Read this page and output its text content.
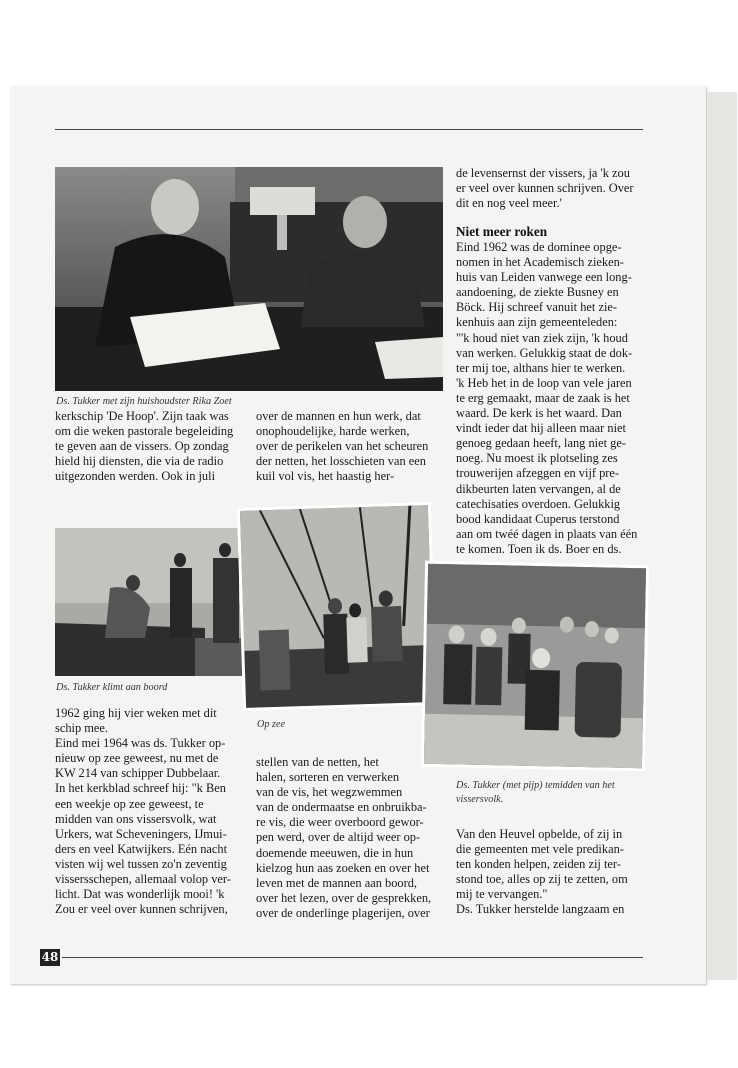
Ds. Tukker met zijn huishoudster Rika Zoet
de levensernst der vissers, ja 'k zou
er veel over kunnen schrijven. Over
dit en nog veel meer.'
Niet meer roken
Eind 1962 was de dominee opge-
nomen in het Academisch zieken-
huis van Leiden vanwege een long-
aandoening, de ziekte Busney en
Böck. Hij schreef vanuit het zie-
kenhuis aan zijn gemeenteleden:
"'k houd niet van ziek zijn, 'k houd
van werken. Gelukkig staat de dok-
ter mij toe, althans hier te werken.
'k Heb het in de loop van vele jaren
te erg gemaakt, maar de zaak is het
waard. De kerk is het waard. Dan
vindt ieder dat hij alleen maar niet
genoeg gedaan heeft, lang niet ge-
noeg. Nu moest ik plotseling zes
trouwerijen afzeggen en vijf pre-
dikbeurten laten vervangen, al de
catechisaties overdoen. Gelukkig
bood kandidaat Cuperus terstond
aan om twéé dagen in plaats van één
te komen. Toen ik ds. Boer en ds.
kerkschip 'De Hoop'. Zijn taak was
om die weken pastorale begeleiding
te geven aan de vissers. Op zondag
hield hij diensten, die via de radio
uitgezonden werden. Ook in juli
over de mannen en hun werk, dat
onophoudelijke, harde werken,
over de perikelen van het scheuren
der netten, het losschieten van een
kuil vol vis, het haastig her-
Ds. Tukker klimt aan boord
Op zee
Ds. Tukker (met pijp) temidden van het
vissersvolk.
1962 ging hij vier weken met dit
schip mee.
Eind mei 1964 was ds. Tukker op-
nieuw op zee geweest, nu met de
KW 214 van schipper Dubbelaar.
In het kerkblad schreef hij: "k Ben
een weekje op zee geweest, te
midden van ons vissersvolk, wat
Urkers, wat Scheveningers, IJmui-
ders en veel Katwijkers. Eén nacht
visten wij wel tussen zo'n zeventig
vissersschepen, allemaal volop ver-
licht. Dat was wonderlijk mooi! 'k
Zou er veel over kunnen schrijven,
stellen van de netten, het
halen, sorteren en verwerken
van de vis, het wegzwemmen
van de ondermaatse en onbruikba-
re vis, die weer overboord gewor-
pen werd, over de altijd weer op-
doemende meeuwen, die in hun
kielzog hun aas zoeken en over het
leven met de mannen aan boord,
over het lezen, over de gesprekken,
over de onderlinge plagerijen, over
Van den Heuvel opbelde, of zij in
die gemeenten met vele predikan-
ten konden helpen, zeiden zij ter-
stond toe, alles op zij te zetten, om
mij te vervangen."
Ds. Tukker herstelde langzaam en
48
